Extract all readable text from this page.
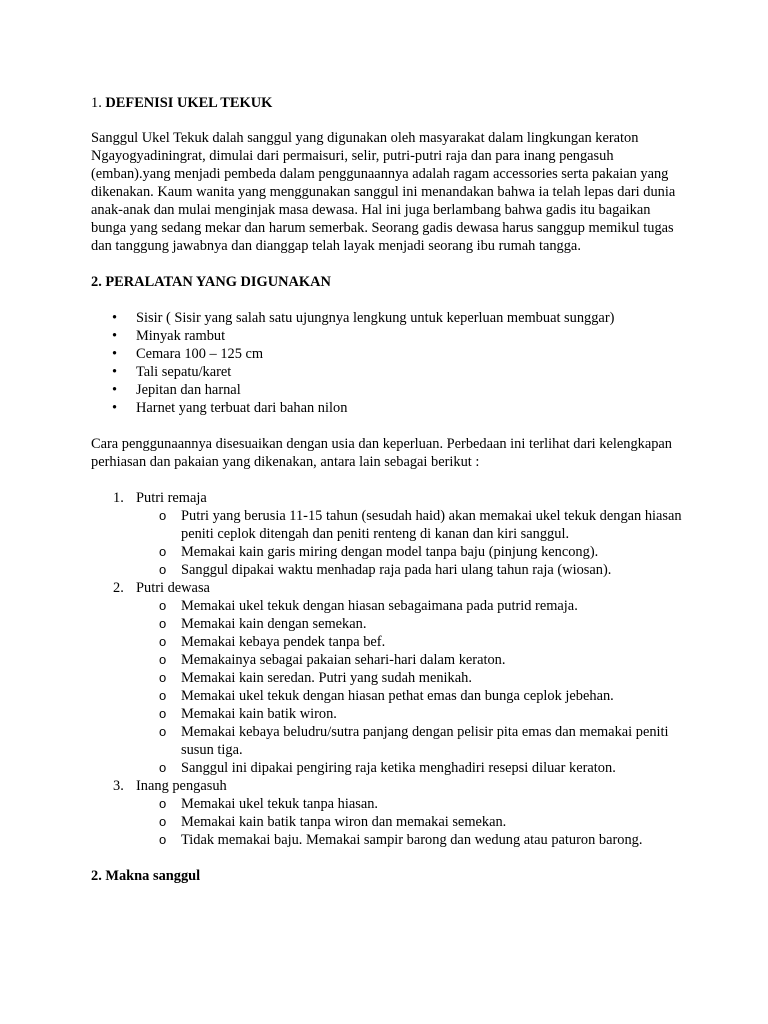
1. DEFENISI UKEL TEKUK

Sanggul Ukel Tekuk dalah sanggul yang digunakan oleh masyarakat dalam lingkungan keraton Ngayogyadiningrat, dimulai dari permaisuri, selir, putri-putri raja dan para inang pengasuh (emban).yang menjadi pembeda dalam penggunaannya adalah ragam accessories serta pakaian yang dikenakan. Kaum wanita yang menggunakan sanggul ini menandakan bahwa ia telah lepas dari dunia anak-anak dan mulai menginjak masa dewasa. Hal ini juga berlambang bahwa gadis itu bagaikan bunga yang sedang mekar dan harum semerbak. Seorang gadis dewasa harus sanggup memikul tugas dan tanggung jawabnya dan dianggap telah layak menjadi seorang ibu rumah tangga.

2. PERALATAN YANG DIGUNAKAN
• Sisir ( Sisir yang salah satu ujungnya lengkung untuk keperluan membuat sunggar)
• Minyak rambut
• Cemara 100 – 125 cm
• Tali sepatu/karet
• Jepitan dan harnal
• Harnet yang terbuat dari bahan nilon

Cara penggunaannya disesuaikan dengan usia dan keperluan. Perbedaan ini terlihat dari kelengkapan perhiasan dan pakaian yang dikenakan, antara lain sebagai berikut :

1. Putri remaja
o Putri yang berusia 11-15 tahun (sesudah haid) akan memakai ukel tekuk dengan hiasan peniti ceplok ditengah dan peniti renteng di kanan dan kiri sanggul.
o Memakai kain garis miring dengan model tanpa baju (pinjung kencong).
o Sanggul dipakai waktu menhadap raja pada hari ulang tahun raja (wiosan).
2. Putri dewasa
o Memakai ukel tekuk dengan hiasan sebagaimana pada putrid remaja.
o Memakai kain dengan semekan.
o Memakai kebaya pendek tanpa bef.
o Memakainya sebagai pakaian sehari-hari dalam keraton.
o Memakai kain seredan. Putri yang sudah menikah.
o Memakai ukel tekuk dengan hiasan pethat emas dan bunga ceplok jebehan.
o Memakai kain batik wiron.
o Memakai kebaya beludru/sutra panjang dengan pelisir pita emas dan memakai peniti susun tiga.
o Sanggul ini dipakai pengiring raja ketika menghadiri resepsi diluar keraton.
3. Inang pengasuh
o Memakai ukel tekuk tanpa hiasan.
o Memakai kain batik tanpa wiron dan memakai semekan.
o Tidak memakai baju. Memakai sampir barong dan wedung atau paturon barong.
2. Makna sanggul
